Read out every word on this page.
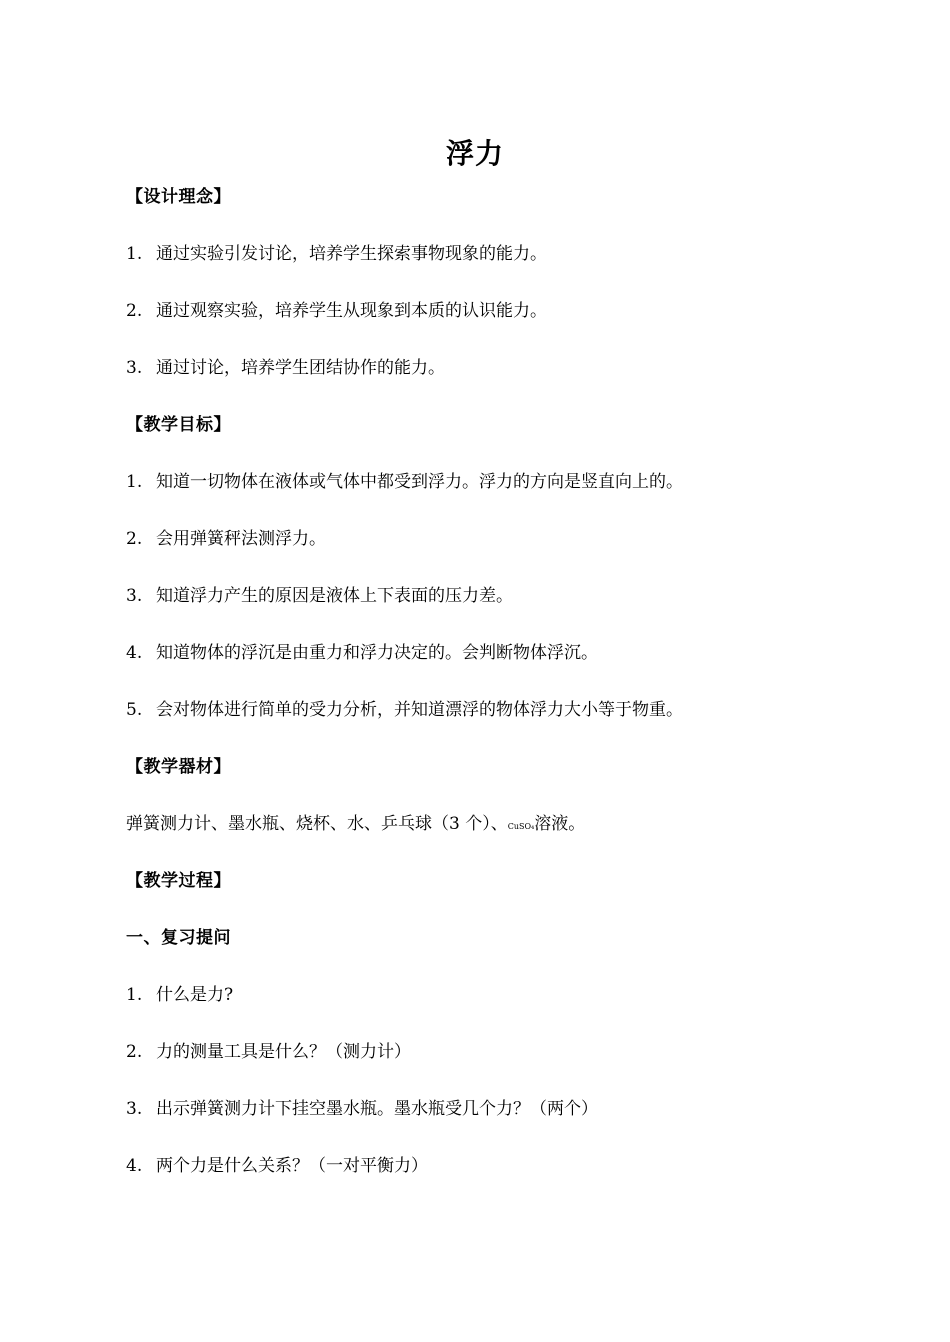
浮力
【设计理念】
1. 通过实验引发讨论，培养学生探索事物现象的能力。
2. 通过观察实验，培养学生从现象到本质的认识能力。
3. 通过讨论，培养学生团结协作的能力。
【教学目标】
1. 知道一切物体在液体或气体中都受到浮力。浮力的方向是竖直向上的。
2. 会用弹簧秤法测浮力。
3. 知道浮力产生的原因是液体上下表面的压力差。
4. 知道物体的浮沉是由重力和浮力决定的。会判断物体浮沉。
5. 会对物体进行简单的受力分析，并知道漂浮的物体浮力大小等于物重。
【教学器材】
弹簧测力计、墨水瓶、烧杯、水、乒乓球（3 个）、CuSO₄溶液。
【教学过程】
一、复习提问
1. 什么是力?
2. 力的测量工具是什么？（测力计）
3. 出示弹簧测力计下挂空墨水瓶。墨水瓶受几个力？（两个）
4. 两个力是什么关系？（一对平衡力）
